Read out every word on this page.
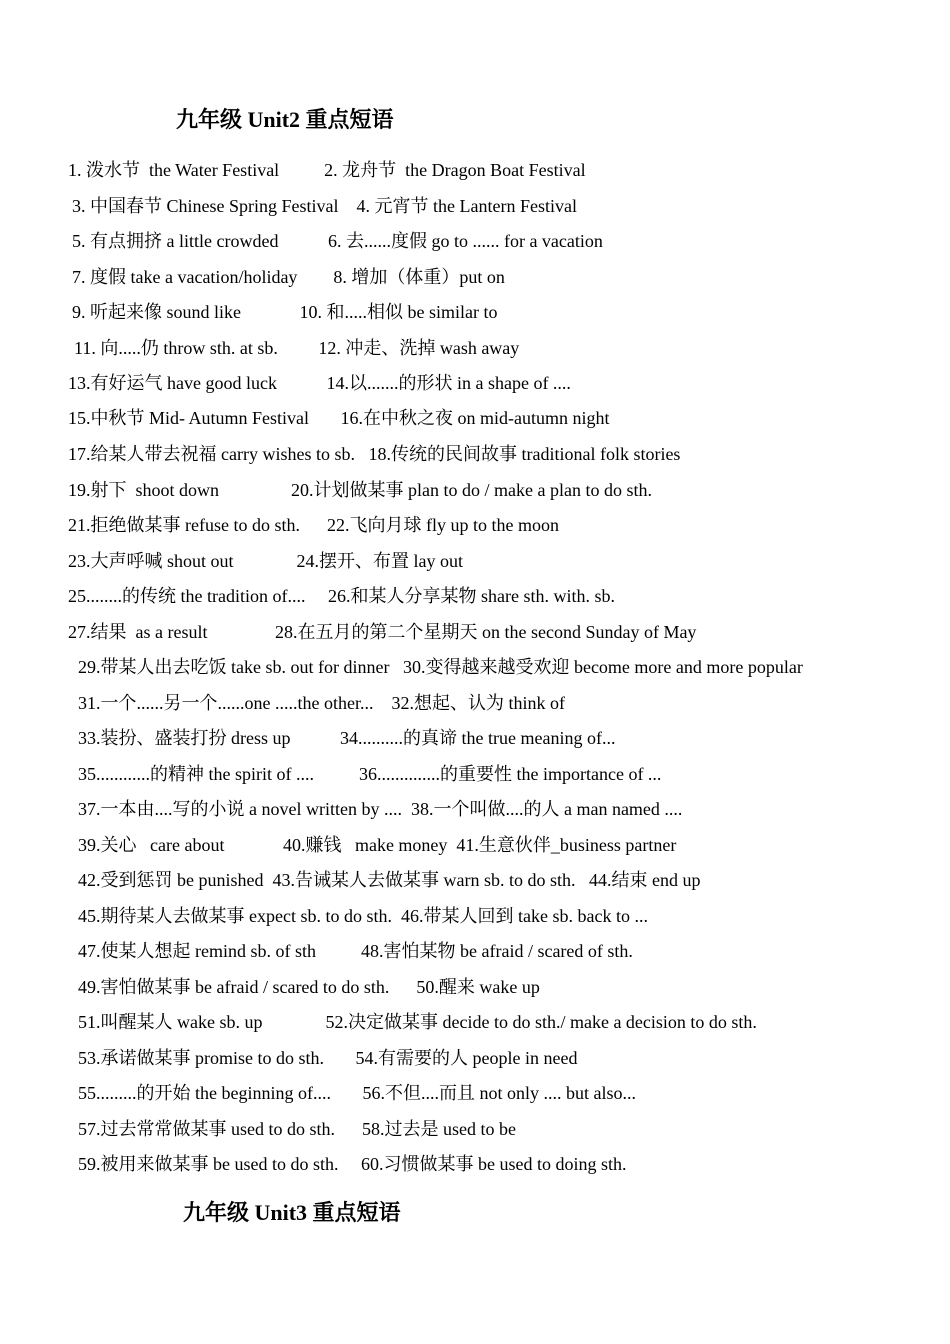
九年级 Unit2 重点短语
1. 泼水节  the Water Festival          2. 龙舟节  the Dragon Boat Festival
3. 中国春节 Chinese Spring Festival    4. 元宵节 the Lantern Festival
5. 有点拥挤 a little crowded           6. 去......度假 go to ...... for a vacation
7. 度假 take a vacation/holiday        8. 增加（体重）put on
9. 听起来像 sound like             10. 和.....相似 be similar to
11. 向.....仍 throw sth. at sb.         12. 冲走、洗掉 wash away
13.有好运气 have good luck           14.以.......的形状 in a shape of ....
15.中秋节 Mid- Autumn Festival       16.在中秋之夜 on mid-autumn night
17.给某人带去祝福 carry wishes to sb.   18.传统的民间故事 traditional folk stories
19.射下  shoot down                20.计划做某事 plan to do / make a plan to do sth.
21.拒绝做某事 refuse to do sth.      22.飞向月球 fly up to the moon
23.大声呼喊 shout out              24.摆开、布置 lay out
25........的传统 the tradition of....     26.和某人分享某物 share sth. with. sb.
27.结果  as a result               28.在五月的第二个星期天 on the second Sunday of May
29.带某人出去吃饭 take sb. out for dinner   30.变得越来越受欢迎 become more and more popular
31.一个......另一个......one .....the other...    32.想起、认为 think of
33.装扮、盛装打扮 dress up           34..........的真谛 the true meaning of...
35............的精神 the spirit of ....          36..............的重要性 the importance of ...
37.一本由....写的小说 a novel written by ....  38.一个叫做....的人 a man named ....
39.关心   care about             40.赚钱   make money  41.生意伙伴_business partner
42.受到惩罚 be punished  43.告诫某人去做某事 warn sb. to do sth.   44.结束 end up
45.期待某人去做某事 expect sb. to do sth.  46.带某人回到 take sb. back to ...
47.使某人想起 remind sb. of sth          48.害怕某物 be afraid / scared of sth.
49.害怕做某事 be afraid / scared to do sth.      50.醒来 wake up
51.叫醒某人 wake sb. up              52.决定做某事 decide to do sth./ make a decision to do sth.
53.承诺做某事 promise to do sth.       54.有需要的人 people in need
55.........的开始 the beginning of....       56.不但....而且 not only .... but also...
57.过去常常做某事 used to do sth.      58.过去是 used to be
59.被用来做某事 be used to do sth.     60.习惯做某事 be used to doing sth.
九年级 Unit3 重点短语
